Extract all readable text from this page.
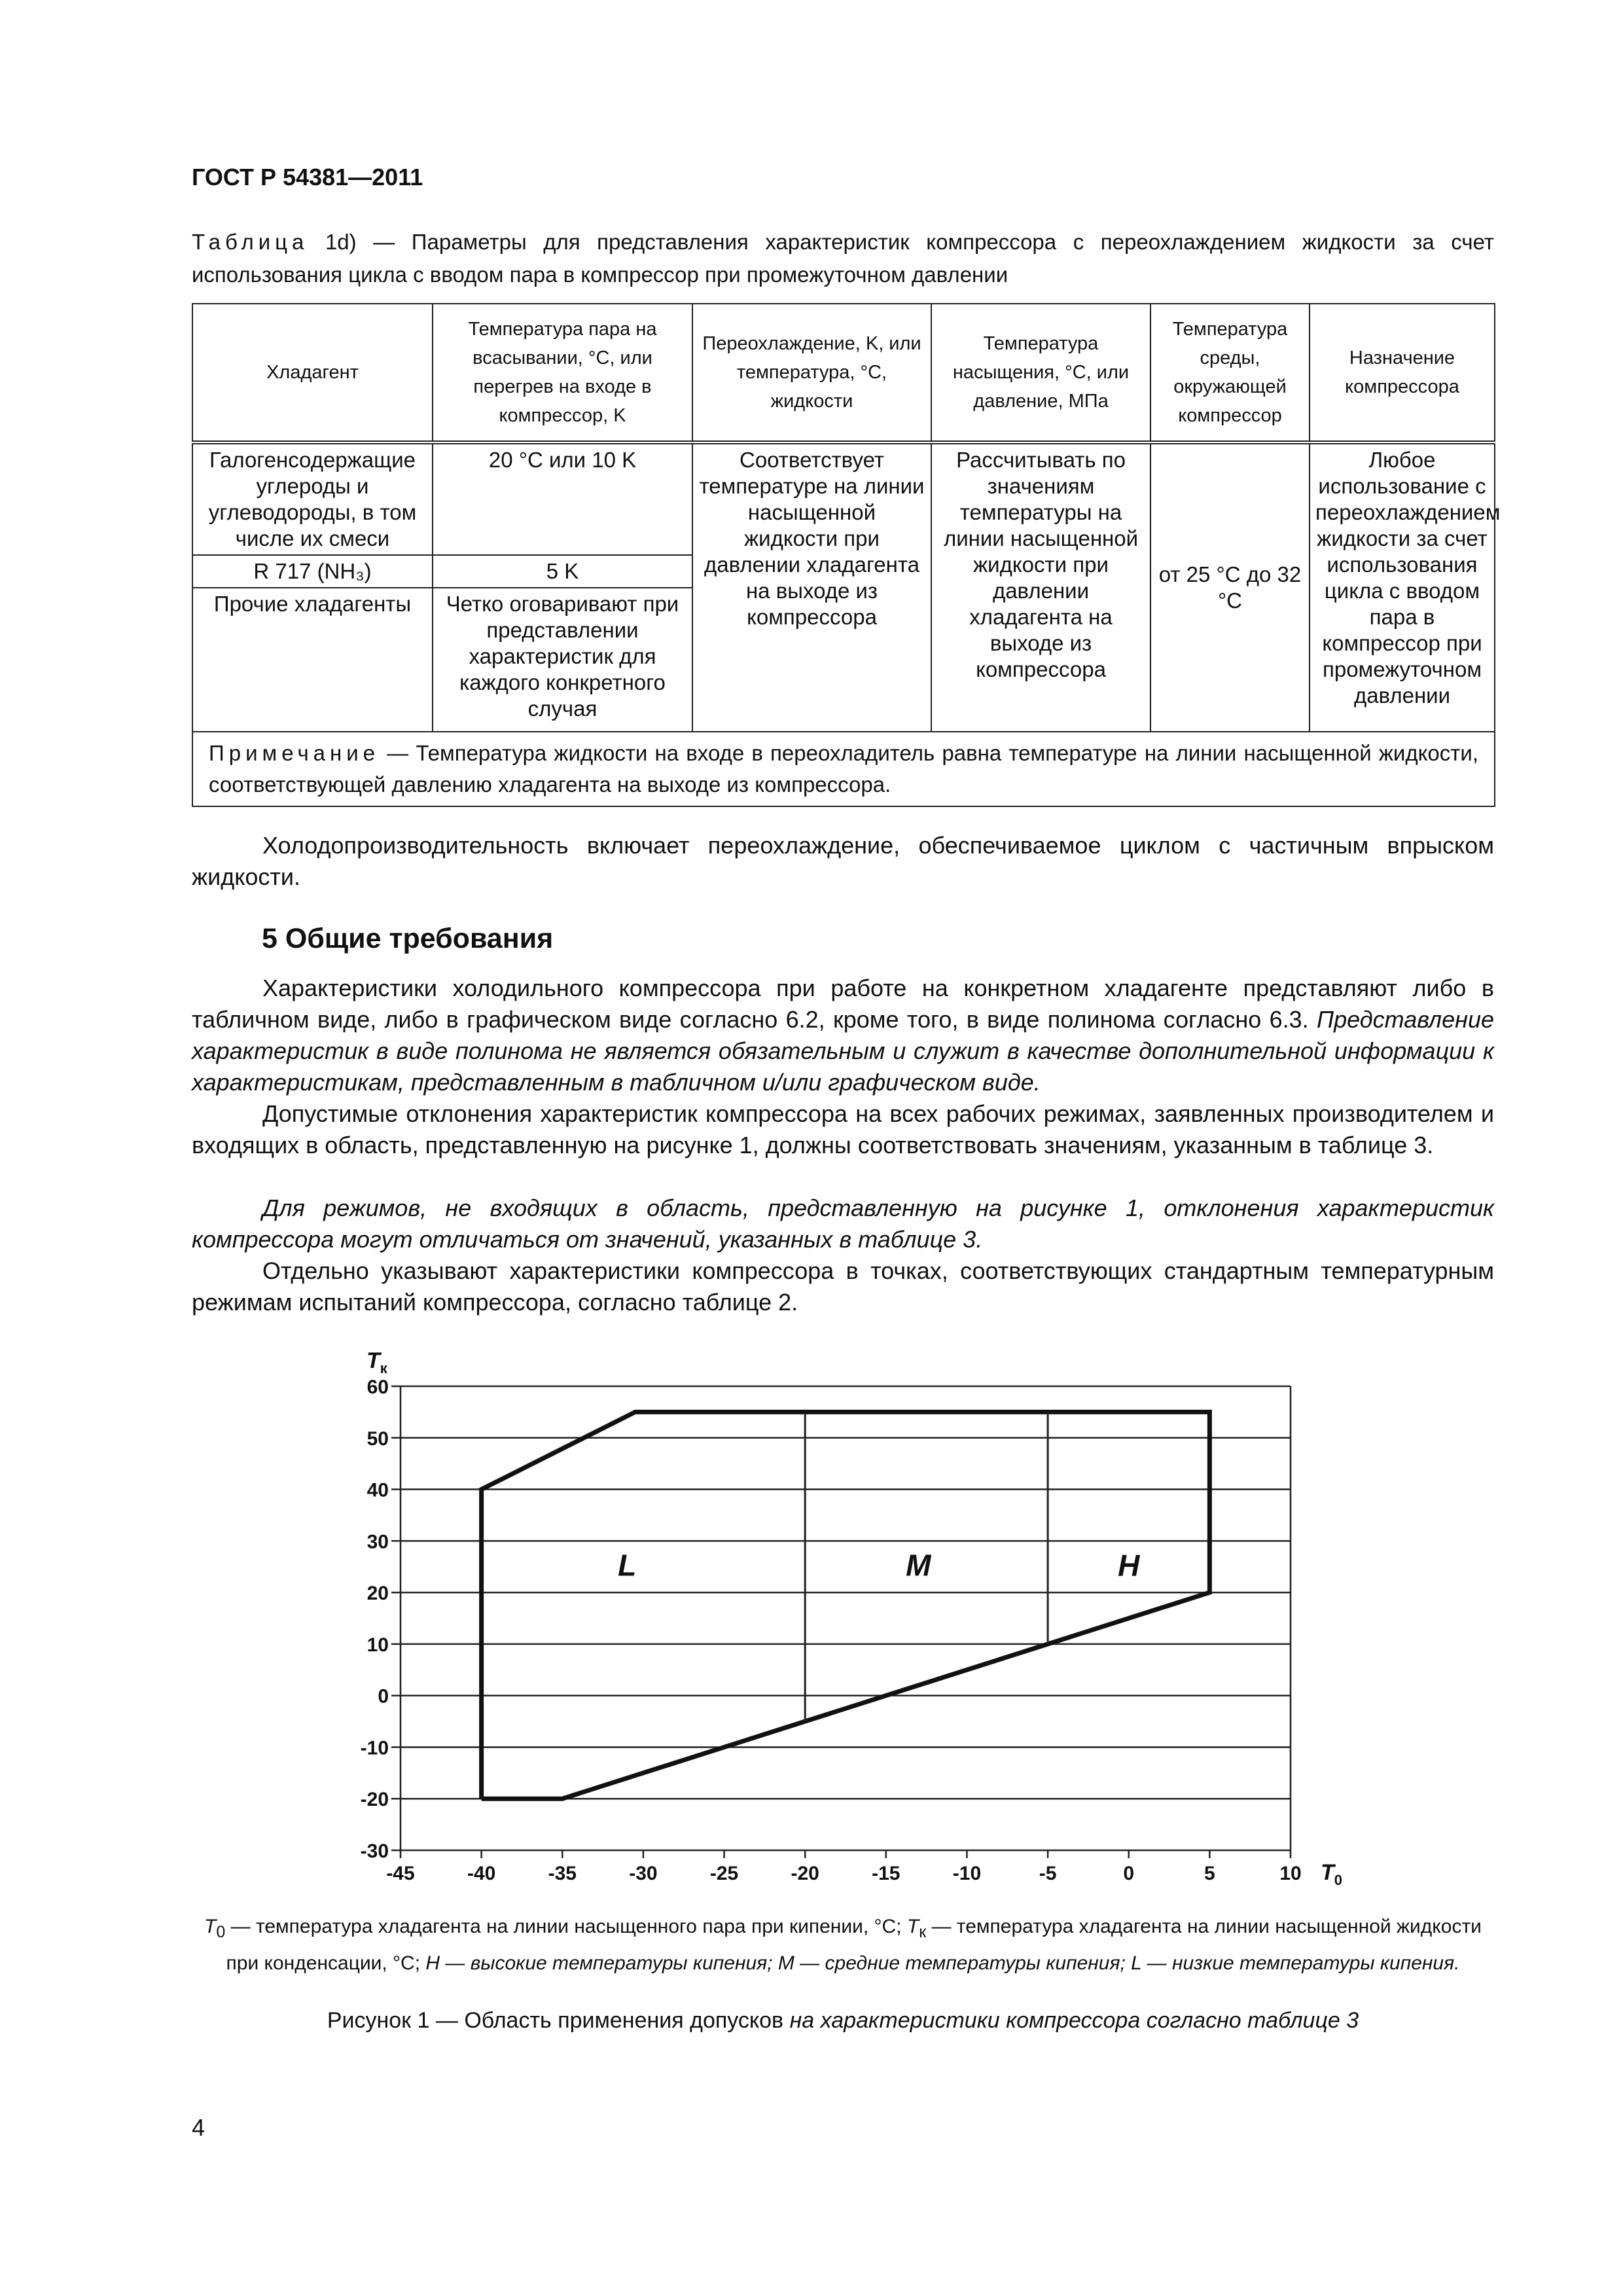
ГОСТ Р 54381—2011
Таблица 1d) — Параметры для представления характеристик компрессора с переохлаждением жидкости за счет использования цикла с вводом пара в компрессор при промежуточном давлении
Хладагент	Температура пара на всасывании, °C, или перегрев на входе в компрессор, K	Переохлаждение, K, или температура, °C, жидкости	Температура насыщения, °C, или давление, МПа	Температура среды, окружающей компрессор	Назначение компрессора
Галогенсодержащие углероды и углеводороды, в том числе их смеси	20 °C или 10 K	Соответствует температуре на линии насыщенной жидкости при давлении хладагента на выходе из компрессора	Рассчитывать по значениям температуры на линии насыщенной жидкости при давлении хладагента на выходе из компрессора	от 25 °C до 32 °C	Любое использование с переохлаждением жидкости за счет использования цикла с вводом пара в компрессор при промежуточном давлении
R 717 (NH₃)	5 K				
Прочие хладагенты	Четко оговаривают при представлении характеристик для каждого конкретного случая				
Примечание — Температура жидкости на входе в переохладитель равна температуре на линии насыщенной жидкости, соответствующей давлению хладагента на выходе из компрессора.					
Холодопроизводительность включает переохлаждение, обеспечиваемое циклом с частичным впрыском жидкости.
5 Общие требования
Характеристики холодильного компрессора при работе на конкретном хладагенте представляют либо в табличном виде, либо в графическом виде согласно 6.2, кроме того, в виде полинома согласно 6.3. Представление характеристик в виде полинома не является обязательным и служит в качестве дополнительной информации к характеристикам, представленным в табличном и/или графическом виде.
Допустимые отклонения характеристик компрессора на всех рабочих режимах, заявленных производителем и входящих в область, представленную на рисунке 1, должны соответствовать значениям, указанным в таблице 3.
Для режимов, не входящих в область, представленную на рисунке 1, отклонения характеристик компрессора могут отличаться от значений, указанных в таблице 3.
Отдельно указывают характеристики компрессора в точках, соответствующих стандартным температурным режимам испытаний компрессора, согласно таблице 2.
-30
-20
-10
0
10
20
30
40
50
60
-45	-40	-35	-30	-25	-20	-15	-10	-5	0	5	10
$T_к$
$T_0$
L	M	H
$T_0$ — температура хладагента на линии насыщенного пара при кипении, °C; $T_к$ — температура хладагента на линии насыщенной жидкости при конденсации, °C; H — высокие температуры кипения; M — средние температуры кипения; L — низкие температуры кипения.
Рисунок 1 — Область применения допусков на характеристики компрессора согласно таблице 3
4
